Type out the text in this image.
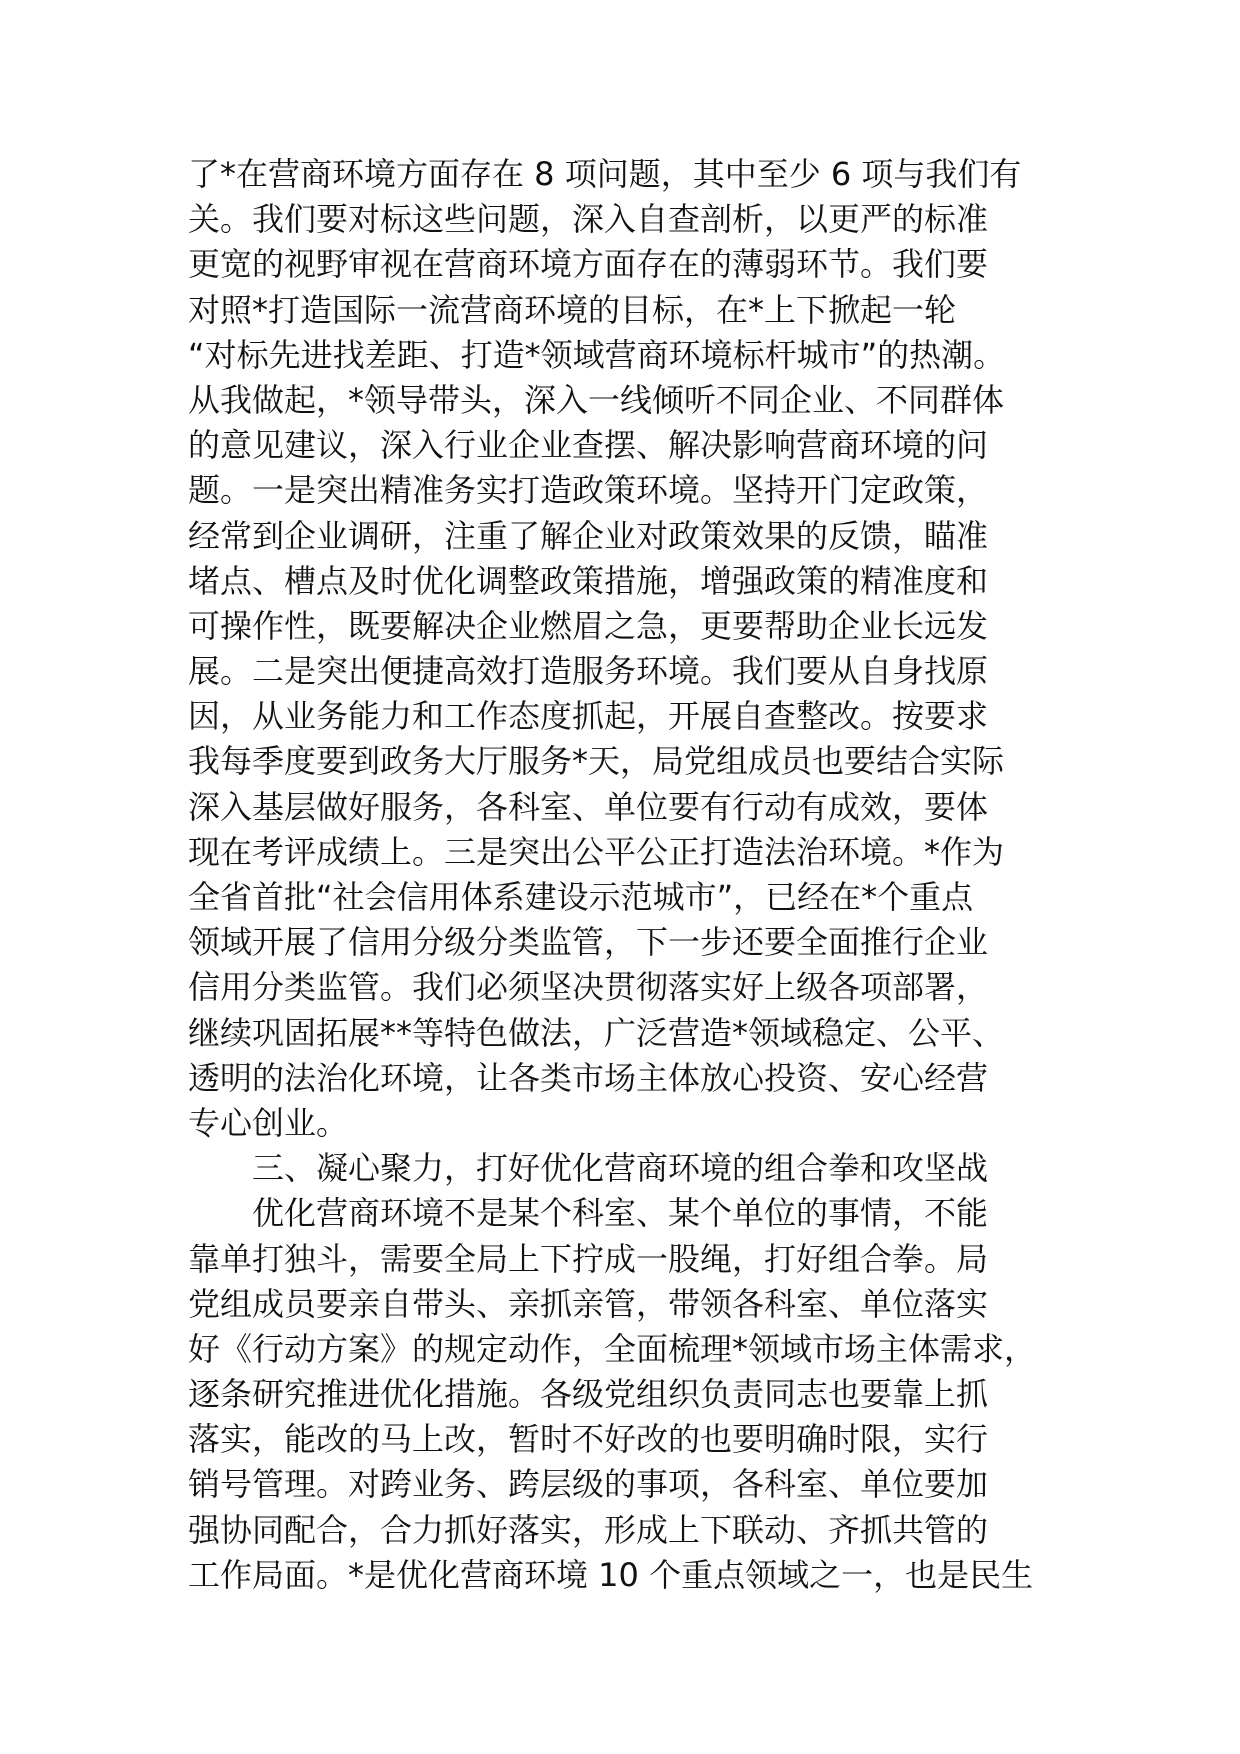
了*在营商环境方面存在 8 项问题，其中至少 6 项与我们有
关。我们要对标这些问题，深入自查剖析，以更严的标准
更宽的视野审视在营商环境方面存在的薄弱环节。我们要
对照*打造国际一流营商环境的目标，在*上下掀起一轮
“对标先进找差距、打造*领域营商环境标杆城市”的热潮。
从我做起，*领导带头，深入一线倾听不同企业、不同群体
的意见建议，深入行业企业查摆、解决影响营商环境的问
题。一是突出精准务实打造政策环境。坚持开门定政策，
经常到企业调研，注重了解企业对政策效果的反馈，瞄准
堵点、槽点及时优化调整政策措施，增强政策的精准度和
可操作性，既要解决企业燃眉之急，更要帮助企业长远发
展。二是突出便捷高效打造服务环境。我们要从自身找原
因，从业务能力和工作态度抓起，开展自查整改。按要求
我每季度要到政务大厅服务*天，局党组成员也要结合实际
深入基层做好服务，各科室、单位要有行动有成效，要体
现在考评成绩上。三是突出公平公正打造法治环境。*作为
全省首批“社会信用体系建设示范城市”，已经在*个重点
领域开展了信用分级分类监管，下一步还要全面推行企业
信用分类监管。我们必须坚决贯彻落实好上级各项部署，
继续巩固拓展**等特色做法，广泛营造*领域稳定、公平、
透明的法治化环境，让各类市场主体放心投资、安心经营
专心创业。
三、凝心聚力，打好优化营商环境的组合拳和攻坚战
优化营商环境不是某个科室、某个单位的事情，不能
靠单打独斗，需要全局上下拧成一股绳，打好组合拳。局
党组成员要亲自带头、亲抓亲管，带领各科室、单位落实
好《行动方案》的规定动作，全面梳理*领域市场主体需求，
逐条研究推进优化措施。各级党组织负责同志也要靠上抓
落实，能改的马上改，暂时不好改的也要明确时限，实行
销号管理。对跨业务、跨层级的事项，各科室、单位要加
强协同配合，合力抓好落实，形成上下联动、齐抓共管的
工作局面。*是优化营商环境 10 个重点领域之一，也是民生
